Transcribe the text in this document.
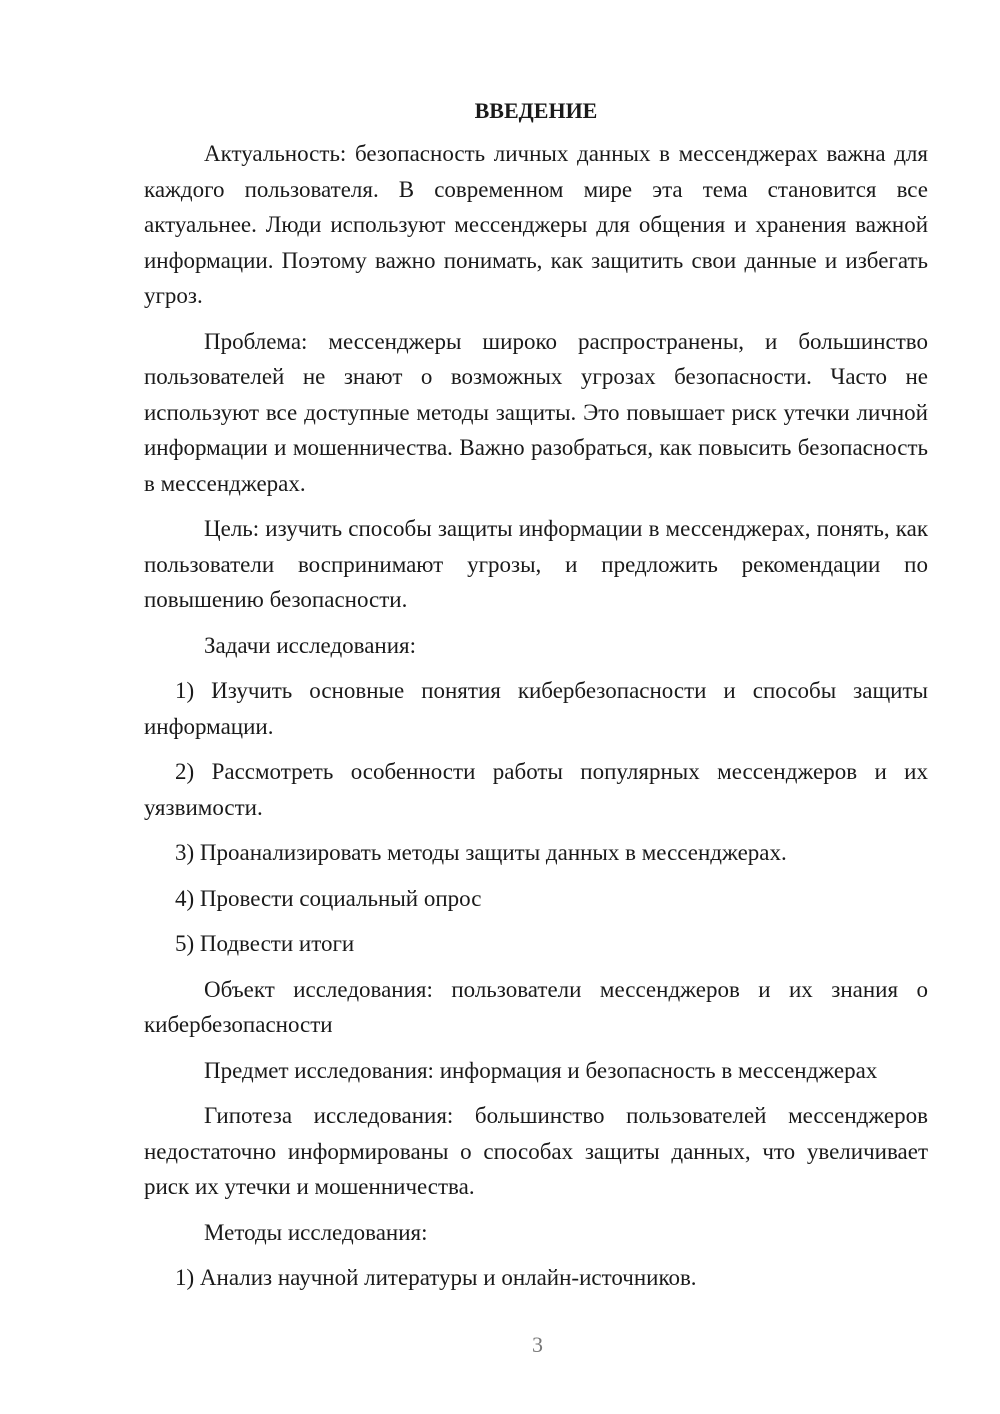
ВВЕДЕНИЕ

Актуальность: безопасность личных данных в мессенджерах важна для каждого пользователя. В современном мире эта тема становится все актуальнее. Люди используют мессенджеры для общения и хранения важной информации. Поэтому важно понимать, как защитить свои данные и избегать угроз.

Проблема: мессенджеры широко распространены, и большинство пользователей не знают о возможных угрозах безопасности. Часто не используют все доступные методы защиты. Это повышает риск утечки личной информации и мошенничества. Важно разобраться, как повысить безопасность в мессенджерах.

Цель: изучить способы защиты информации в мессенджерах, понять, как пользователи воспринимают угрозы, и предложить рекомендации по повышению безопасности.

Задачи исследования:

1) Изучить основные понятия кибербезопасности и способы защиты информации.

2) Рассмотреть особенности работы популярных мессенджеров и их уязвимости.

3) Проанализировать методы защиты данных в мессенджерах.

4) Провести социальный опрос

5) Подвести итоги

Объект исследования: пользователи мессенджеров и их знания о кибербезопасности

Предмет исследования: информация и безопасность в мессенджерах

Гипотеза исследования: большинство пользователей мессенджеров недостаточно информированы о способах защиты данных, что увеличивает риск их утечки и мошенничества.

Методы исследования:

1) Анализ научной литературы и онлайн-источников.

3
